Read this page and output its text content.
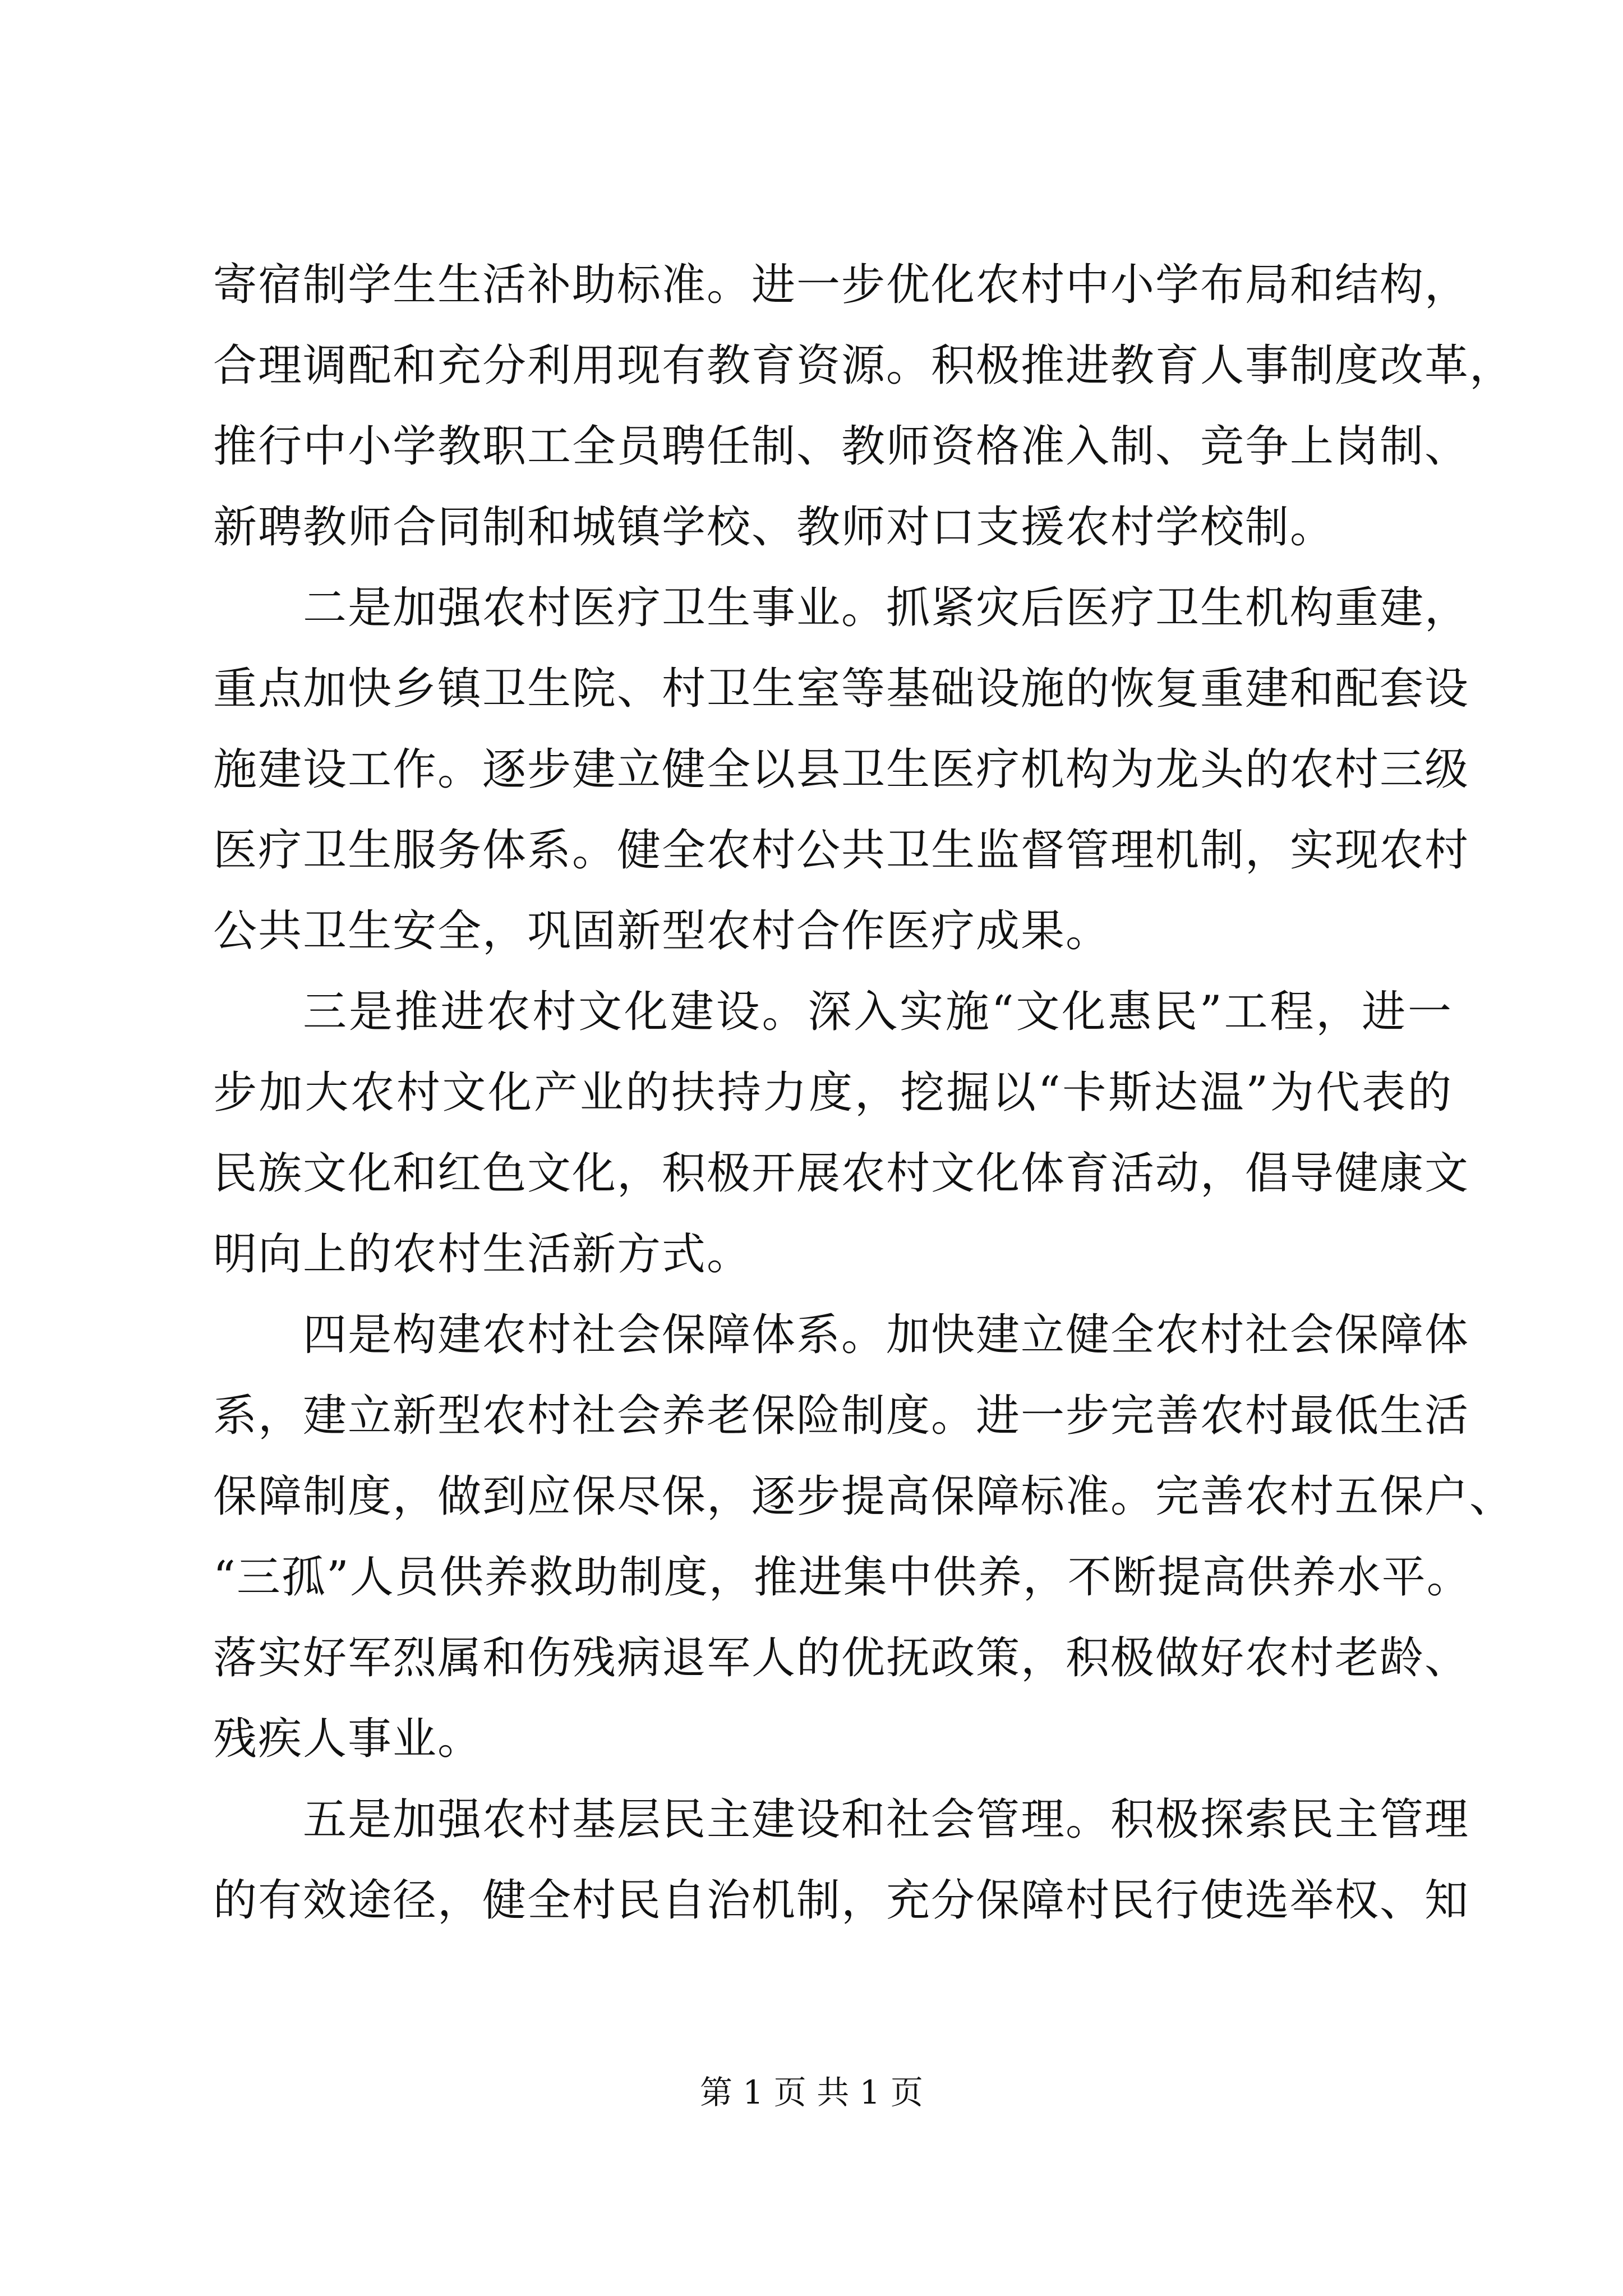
寄宿制学生生活补助标准。进一步优化农村中小学布局和结构，
合理调配和充分利用现有教育资源。积极推进教育人事制度改革，
推行中小学教职工全员聘任制、教师资格准入制、竞争上岗制、
新聘教师合同制和城镇学校、教师对口支援农村学校制。
二是加强农村医疗卫生事业。抓紧灾后医疗卫生机构重建，
重点加快乡镇卫生院、村卫生室等基础设施的恢复重建和配套设
施建设工作。逐步建立健全以县卫生医疗机构为龙头的农村三级
医疗卫生服务体系。健全农村公共卫生监督管理机制，实现农村
公共卫生安全，巩固新型农村合作医疗成果。
三是推进农村文化建设。深入实施“文化惠民”工程，进一
步加大农村文化产业的扶持力度，挖掘以“卡斯达温”为代表的
民族文化和红色文化，积极开展农村文化体育活动，倡导健康文
明向上的农村生活新方式。
四是构建农村社会保障体系。加快建立健全农村社会保障体
系，建立新型农村社会养老保险制度。进一步完善农村最低生活
保障制度，做到应保尽保，逐步提高保障标准。完善农村五保户、
“三孤”人员供养救助制度，推进集中供养，不断提高供养水平。
落实好军烈属和伤残病退军人的优抚政策，积极做好农村老龄、
残疾人事业。
五是加强农村基层民主建设和社会管理。积极探索民主管理
的有效途径，健全村民自治机制，充分保障村民行使选举权、知
第 1 页 共 1 页
